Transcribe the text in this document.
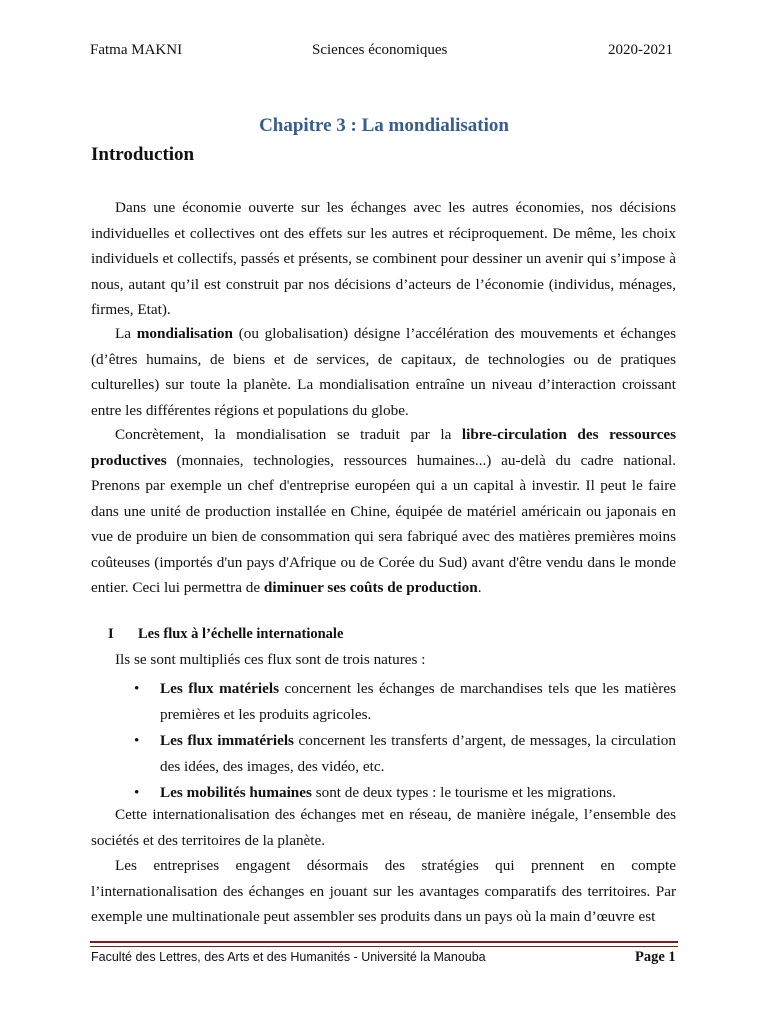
Fatma MAKNI	Sciences économiques	2020-2021
Chapitre 3 : La mondialisation
Introduction

Dans une économie ouverte sur les échanges avec les autres économies, nos décisions individuelles et collectives ont des effets sur les autres et réciproquement. De même, les choix individuels et collectifs, passés et présents, se combinent pour dessiner un avenir qui s’impose à nous, autant qu’il est construit par nos décisions d’acteurs de l’économie (individus, ménages, firmes, Etat).

La mondialisation (ou globalisation) désigne l’accélération des mouvements et échanges (d’êtres humains, de biens et de services, de capitaux, de technologies ou de pratiques culturelles) sur toute la planète. La mondialisation entraîne un niveau d’interaction croissant entre les différentes régions et populations du globe.

Concrètement, la mondialisation se traduit par la libre-circulation des ressources productives (monnaies, technologies, ressources humaines...) au-delà du cadre national. Prenons par exemple un chef d'entreprise européen qui a un capital à investir. Il peut le faire dans une unité de production installée en Chine, équipée de matériel américain ou japonais en vue de produire un bien de consommation qui sera fabriqué avec des matières premières moins coûteuses (importés d'un pays d'Afrique ou de Corée du Sud) avant d'être vendu dans le monde entier. Ceci lui permettra de diminuer ses coûts de production.

I Les flux à l’échelle internationale

Ils se sont multipliés ces flux sont de trois natures :

• Les flux matériels concernent les échanges de marchandises tels que les matières premières et les produits agricoles.
• Les flux immatériels concernent les transferts d’argent, de messages, la circulation des idées, des images, des vidéo, etc.
• Les mobilités humaines sont de deux types : le tourisme et les migrations.

Cette internationalisation des échanges met en réseau, de manière inégale, l’ensemble des sociétés et des territoires de la planète.

Les entreprises engagent désormais des stratégies qui prennent en compte l’internationalisation des échanges en jouant sur les avantages comparatifs des territoires. Par exemple une multinationale peut assembler ses produits dans un pays où la main d’œuvre est

Faculté des Lettres, des Arts et des Humanités - Université la Manouba	Page 1
